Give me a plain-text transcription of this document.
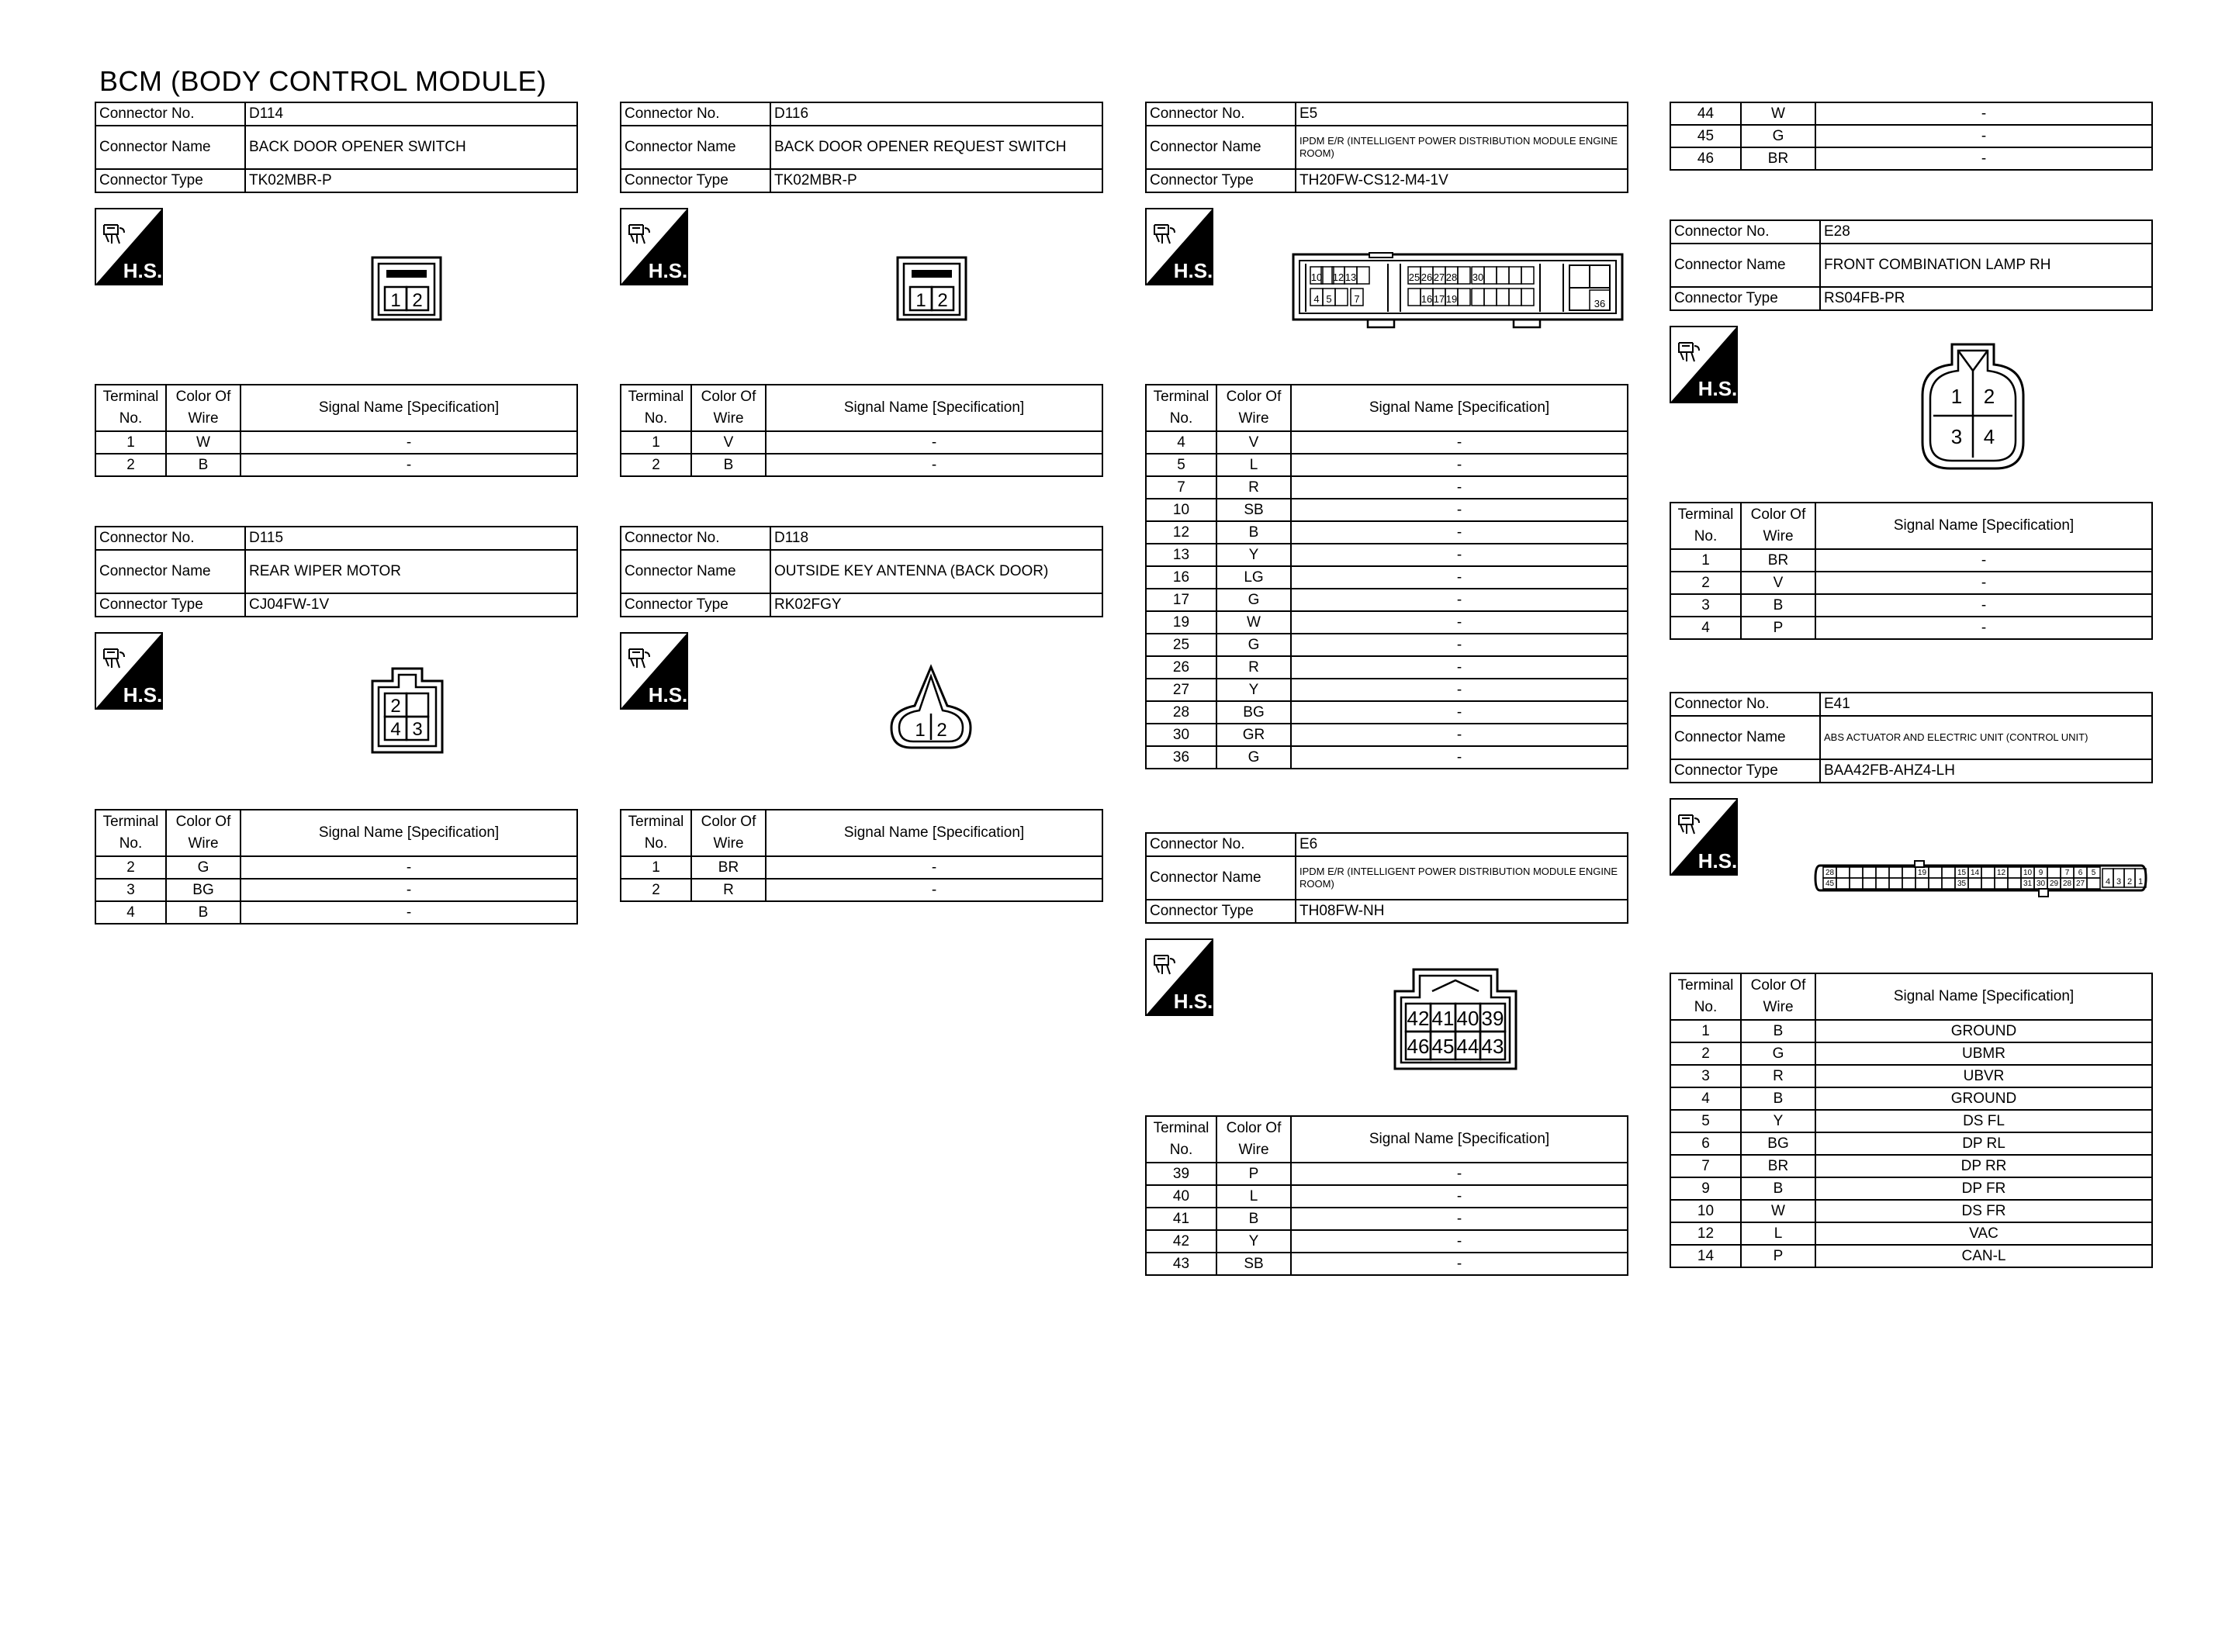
BCM (BODY CONTROL MODULE)
Connector No.	D114
Connector Name	BACK DOOR OPENER SWITCH
Connector Type	TK02MBR-P
H.S.
1 2
Terminal No.	Color Of Wire	Signal Name [Specification]
1	W	-
2	B	-
Connector No.	D115
Connector Name	REAR WIPER MOTOR
Connector Type	CJ04FW-1V
H.S.	2
4 3
Terminal No.	Color Of Wire	Signal Name [Specification]
2	G	-
3	BG	-
4	B	-
Connector No.	D116
Connector Name	BACK DOOR OPENER REQUEST SWITCH
Connector Type	TK02MBR-P
H.S.
1 2
Terminal No.	Color Of Wire	Signal Name [Specification]
1	V	-
2	B	-
Connector No.	D118
Connector Name	OUTSIDE KEY ANTENNA (BACK DOOR)
Connector Type	RK02FGY
H.S.
1 2
Terminal No.	Color Of Wire	Signal Name [Specification]
1	BR	-
2	R	-
Connector No.	E5
Connector Name	IPDM E/R (INTELLIGENT POWER DISTRIBUTION MODULE ENGINE ROOM)
Connector Type	TH20FW-CS12-M4-1V
H.S.	10 12 13	25 26 27 28 30
4 5 7	16 17 19	36
Terminal No.	Color Of Wire	Signal Name [Specification]
4	V	-
5	L	-
7	R	-
10	SB	-
12	B	-
13	Y	-
16	LG	-
17	G	-
19	W	-
25	G	-
26	R	-
27	Y	-
28	BG	-
30	GR	-
36	G	-
Connector No.	E6
Connector Name	IPDM E/R (INTELLIGENT POWER DISTRIBUTION MODULE ENGINE ROOM)
Connector Type	TH08FW-NH
H.S.
42 41 40 39
46 45 44 43
Terminal No.	Color Of Wire	Signal Name [Specification]
39	P	-
40	L	-
41	B	-
42	Y	-
43	SB	-
44	W	-
45	G	-
46	BR	-
Connector No.	E28
Connector Name	FRONT COMBINATION LAMP RH
Connector Type	RS04FB-PR
H.S.	1 2
3 4
Terminal No.	Color Of Wire	Signal Name [Specification]
1	BR	-
2	V	-
3	B	-
4	P	-
Connector No.	E41
Connector Name	ABS ACTUATOR AND ELECTRIC UNIT (CONTROL UNIT)
Connector Type	BAA42FB-AHZ4-LH
H.S.
28
45
19	15
35
14 12 10
31
9
30 29
7
28
6
27
5
4 3 2 1
Terminal No.	Color Of Wire	Signal Name [Specification]
1	B	GROUND
2	G	UBMR
3	R	UBVR
4	B	GROUND
5	Y	DS FL
6	BG	DP RL
7	BR	DP RR
9	B	DP FR
10	W	DS FR
12	L	VAC
14	P	CAN-L
